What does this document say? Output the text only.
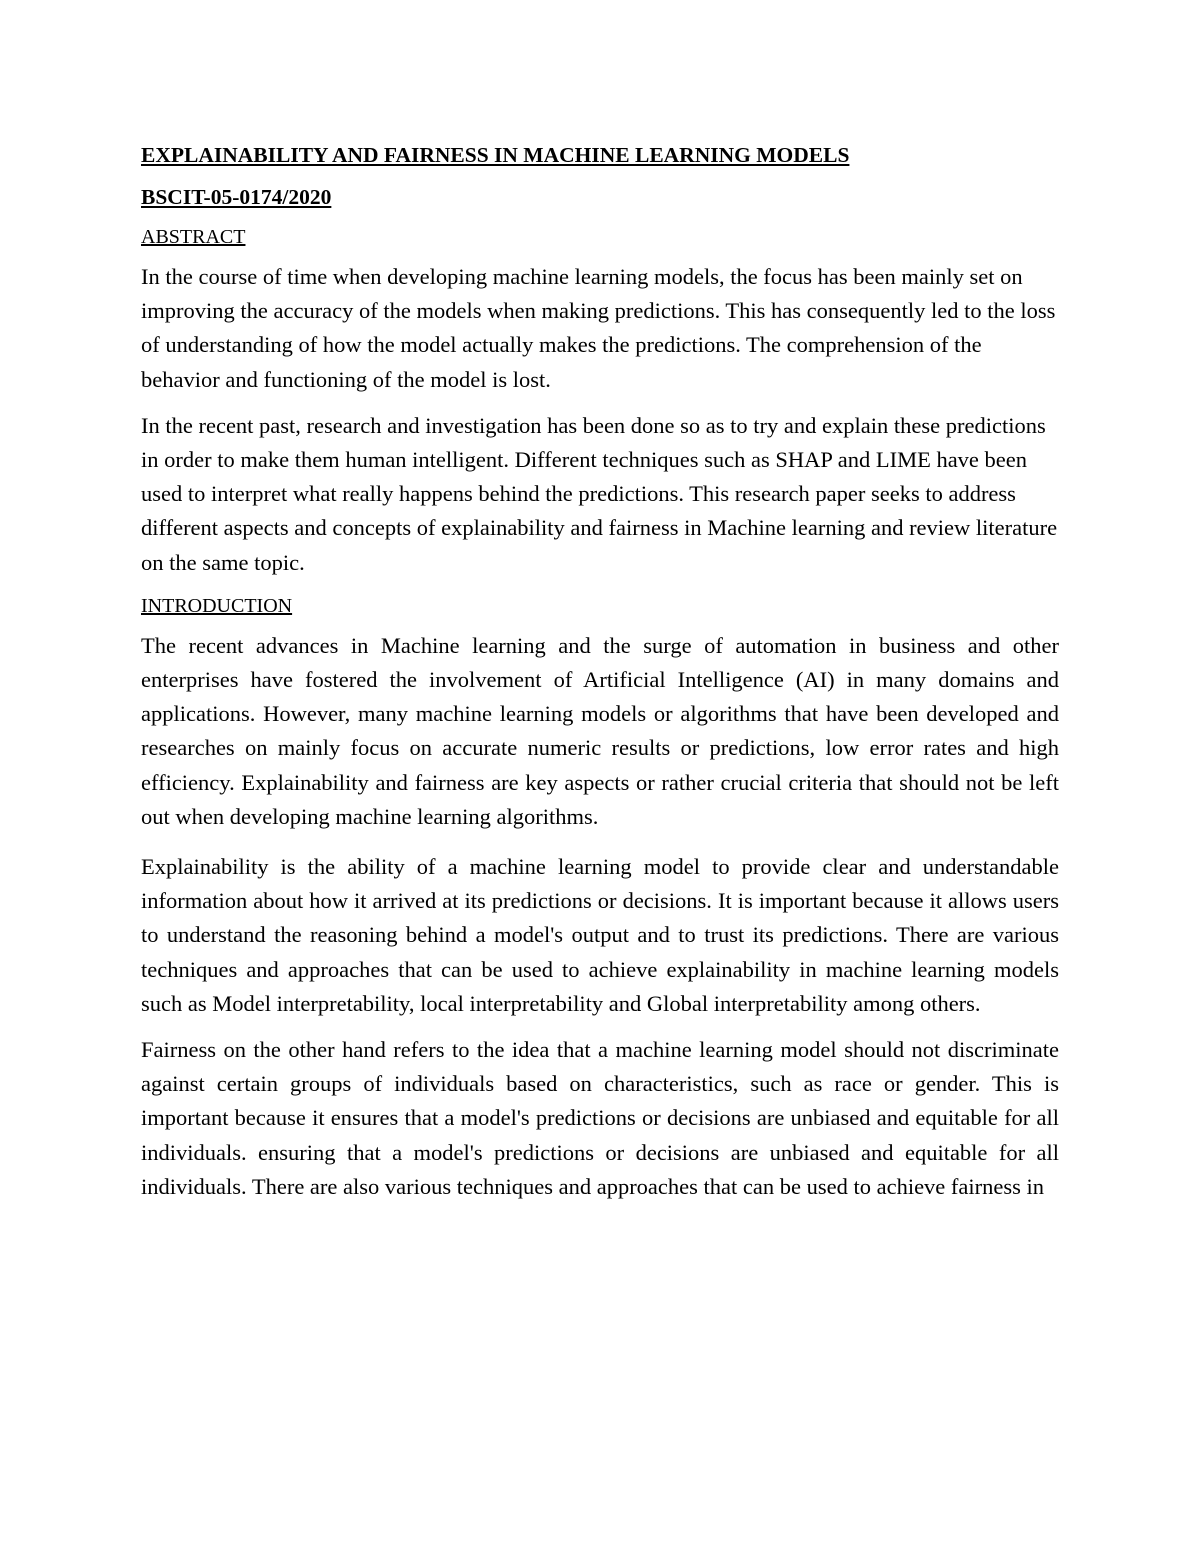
EXPLAINABILITY AND FAIRNESS IN MACHINE LEARNING MODELS

BSCIT-05-0174/2020

ABSTRACT

In the course of time when developing machine learning models, the focus has been mainly set on improving the accuracy of the models when making predictions. This has consequently led to the loss of understanding of how the model actually makes the predictions. The comprehension of the behavior and functioning of the model is lost.

In the recent past, research and investigation has been done so as to try and explain these predictions in order to make them human intelligent. Different techniques such as SHAP and LIME have been used to interpret what really happens behind the predictions. This research paper seeks to address different aspects and concepts of explainability and fairness in Machine learning and review literature on the same topic.

INTRODUCTION

The recent advances in Machine learning and the surge of automation in business and other enterprises have fostered the involvement of Artificial Intelligence (AI) in many domains and applications. However, many machine learning models or algorithms that have been developed and researches on mainly focus on accurate numeric results or predictions, low error rates and high efficiency. Explainability and fairness are key aspects or rather crucial criteria that should not be left out when developing machine learning algorithms.

Explainability is the ability of a machine learning model to provide clear and understandable information about how it arrived at its predictions or decisions. It is important because it allows users to understand the reasoning behind a model's output and to trust its predictions. There are various techniques and approaches that can be used to achieve explainability in machine learning models such as Model interpretability, local interpretability and Global interpretability among others.

Fairness on the other hand refers to the idea that a machine learning model should not discriminate against certain groups of individuals based on characteristics, such as race or gender. This is important because it ensures that a model's predictions or decisions are unbiased and equitable for all individuals. ensuring that a model's predictions or decisions are unbiased and equitable for all individuals. There are also various techniques and approaches that can be used to achieve fairness in
